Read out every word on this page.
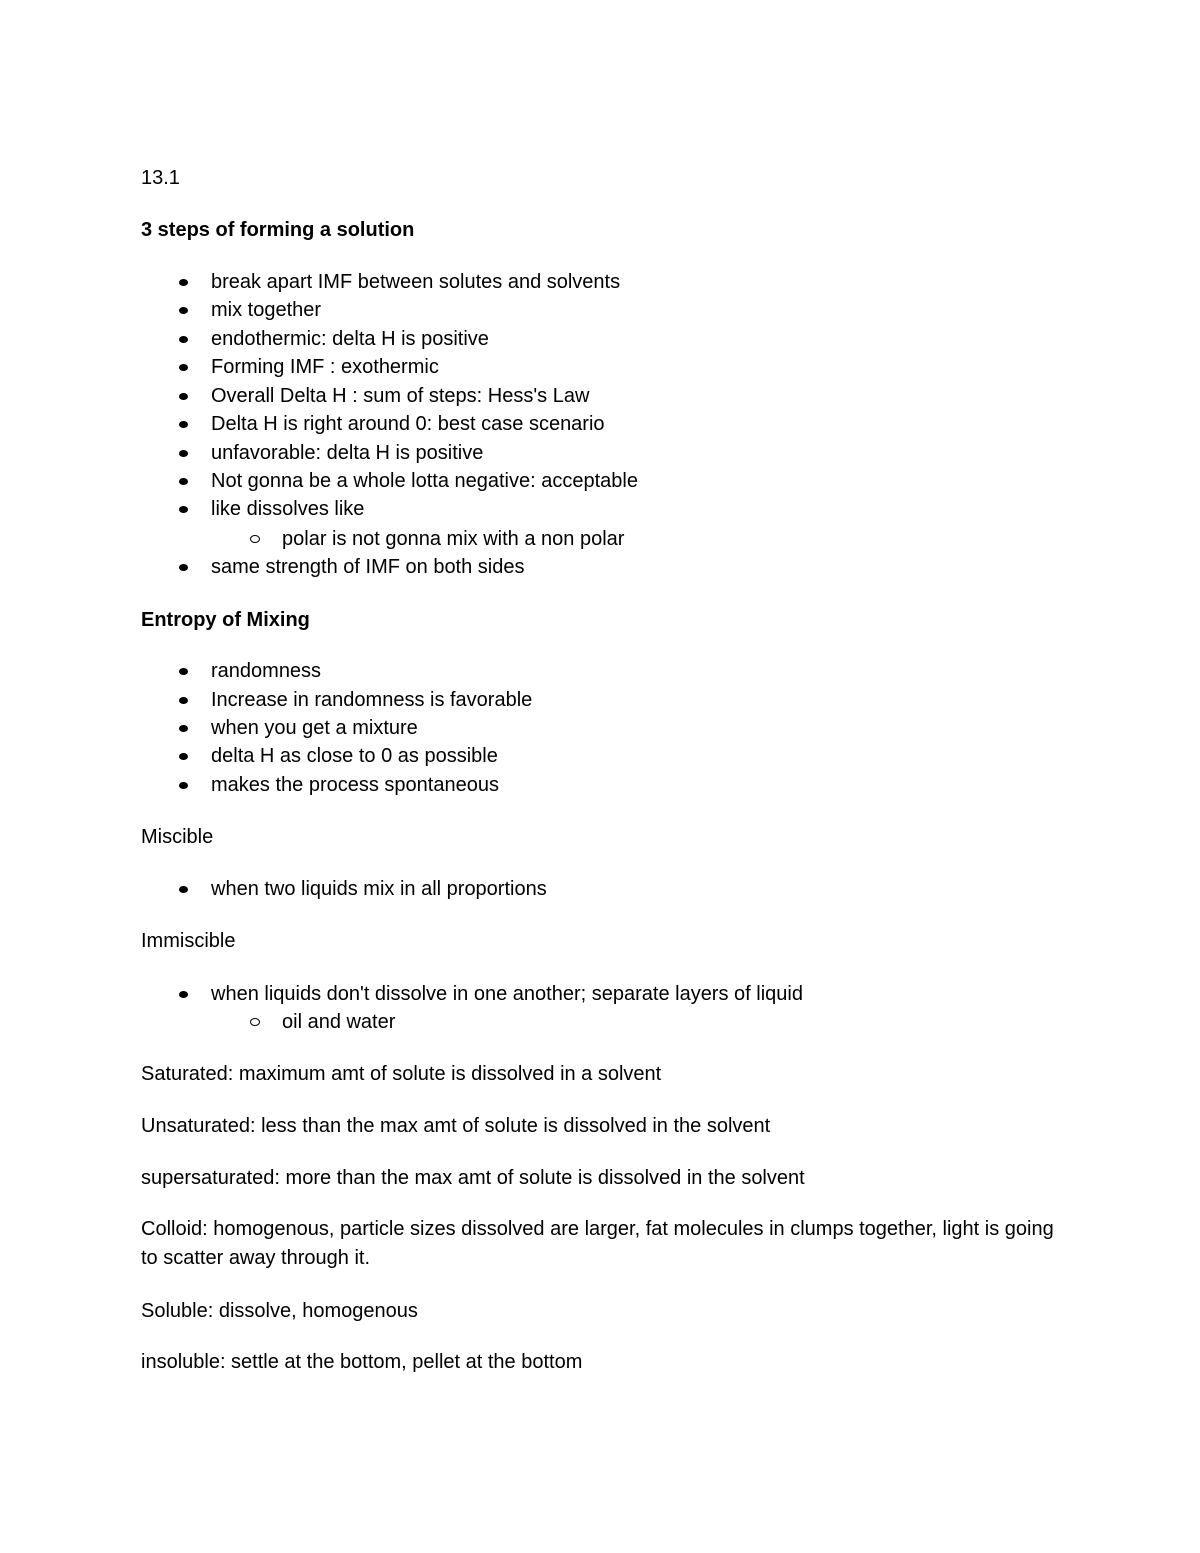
13.1
3 steps of forming a solution
break apart IMF between solutes and solvents
mix together
endothermic: delta H is positive
Forming IMF : exothermic
Overall Delta H : sum of steps: Hess's Law
Delta H is right around 0: best case scenario
unfavorable: delta H is positive
Not gonna be a whole lotta negative: acceptable
like dissolves like
polar is not gonna mix with a non polar
same strength of IMF on both sides
Entropy of Mixing
randomness
Increase in randomness is favorable
when you get a mixture
delta H as close to 0 as possible
makes the process spontaneous
Miscible
when two liquids mix in all proportions
Immiscible
when liquids don't dissolve in one another; separate layers of liquid
oil and water
Saturated: maximum amt of solute is dissolved in a solvent
Unsaturated: less than the max amt of solute is dissolved in the solvent
supersaturated: more than the max amt of solute is dissolved in the solvent
Colloid: homogenous, particle sizes dissolved are larger, fat molecules in clumps together, light is going to scatter away through it.
Soluble: dissolve, homogenous
insoluble: settle at the bottom, pellet at the bottom
